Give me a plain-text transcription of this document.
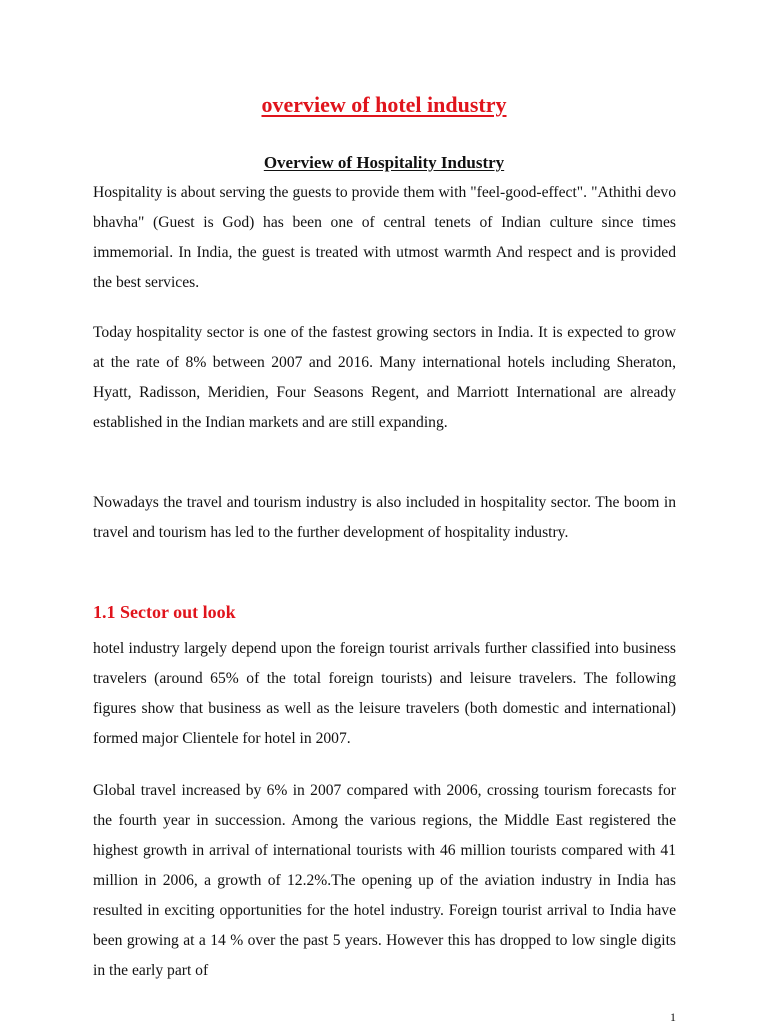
overview of hotel industry
Overview of Hospitality Industry

Hospitality is about serving the guests to provide them with "feel-good-effect". "Athithi devo bhavha" (Guest is God) has been one of central tenets of Indian culture since times immemorial. In India, the guest is treated with utmost warmth And respect and is provided the best services.

Today hospitality sector is one of the fastest growing sectors in India. It is expected to grow at the rate of 8% between 2007 and 2016. Many international hotels including Sheraton, Hyatt, Radisson, Meridien, Four Seasons Regent, and Marriott International are already established in the Indian markets and are still expanding.

Nowadays the travel and tourism industry is also included in hospitality sector. The boom in travel and tourism has led to the further development of hospitality industry.

1.1 Sector out look

hotel industry largely depend upon the foreign tourist arrivals further classified into business travelers (around 65% of the total foreign tourists) and leisure travelers. The following figures show that business as well as the leisure travelers (both domestic and international) formed major Clientele for hotel in 2007.

Global travel increased by 6% in 2007 compared with 2006, crossing tourism forecasts for the fourth year in succession. Among the various regions, the Middle East registered the highest growth in arrival of international tourists with 46 million tourists compared with 41 million in 2006, a growth of 12.2%.The opening up of the aviation industry in India has resulted in exciting opportunities for the hotel industry. Foreign tourist arrival to India have been growing at a 14 % over the past 5 years. However this has dropped to low single digits in the early part of

1
